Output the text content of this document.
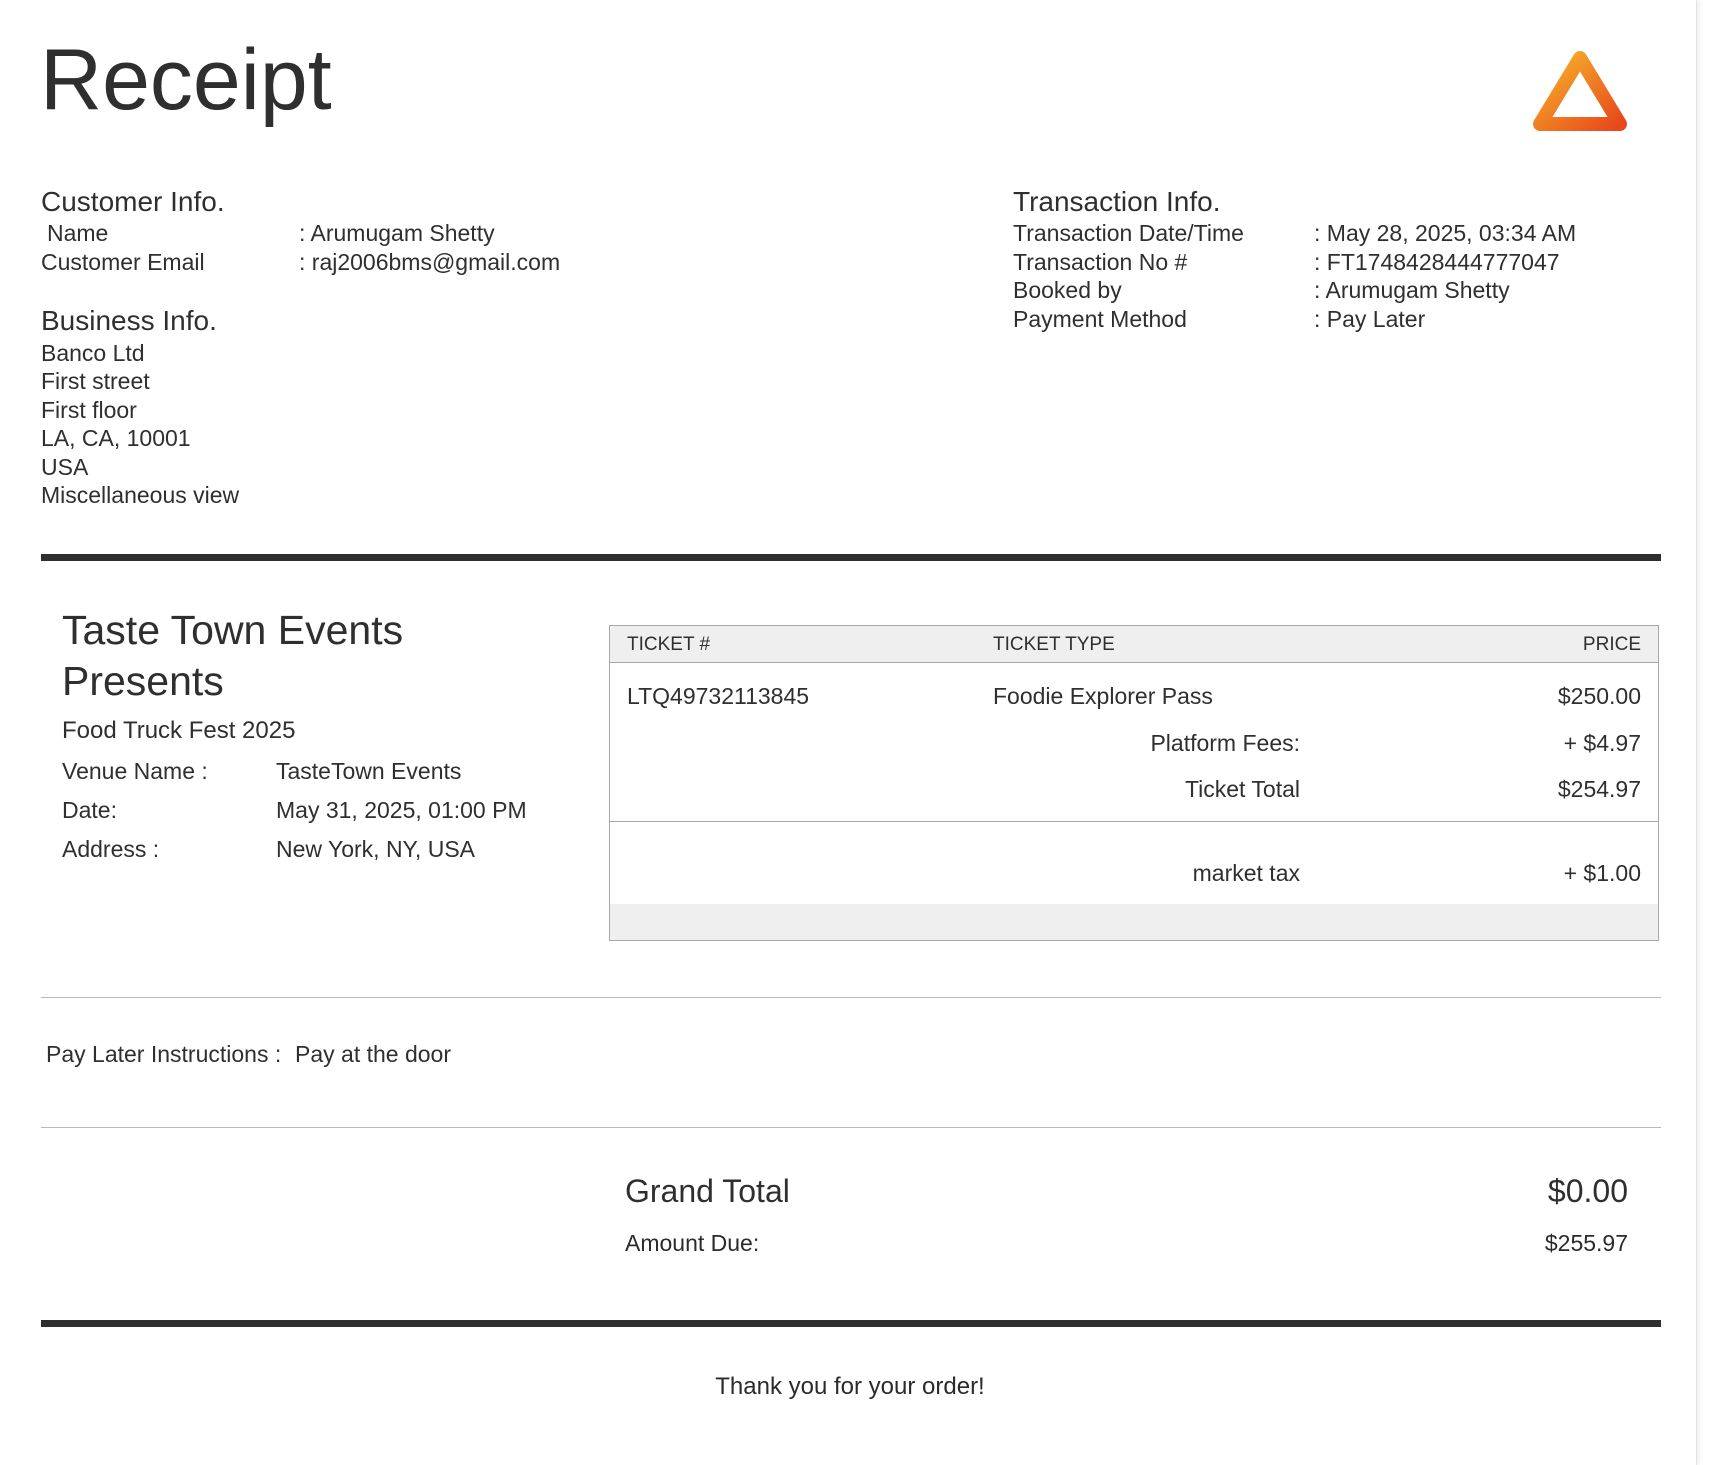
Receipt
Customer Info.
Name	: Arumugam Shetty
Customer Email	: raj2006bms@gmail.com
Business Info.
Banco Ltd
First street
First floor
LA, CA, 10001
USA
Miscellaneous view
Transaction Info.
Transaction Date/Time	: May 28, 2025, 03:34 AM
Transaction No #	: FT1748428444777047
Booked by	: Arumugam Shetty
Payment Method	: Pay Later
Taste Town Events Presents
Food Truck Fest 2025
Venue Name :	TasteTown Events
Date:	May 31, 2025, 01:00 PM
Address :	New York, NY, USA
TICKET #	TICKET TYPE	PRICE
LTQ49732113845	Foodie Explorer Pass	$250.00
Platform Fees:	+ $4.97
Ticket Total	$254.97
market tax	+ $1.00
Pay Later Instructions : Pay at the door
Grand Total	$0.00
Amount Due:	$255.97
Thank you for your order!
